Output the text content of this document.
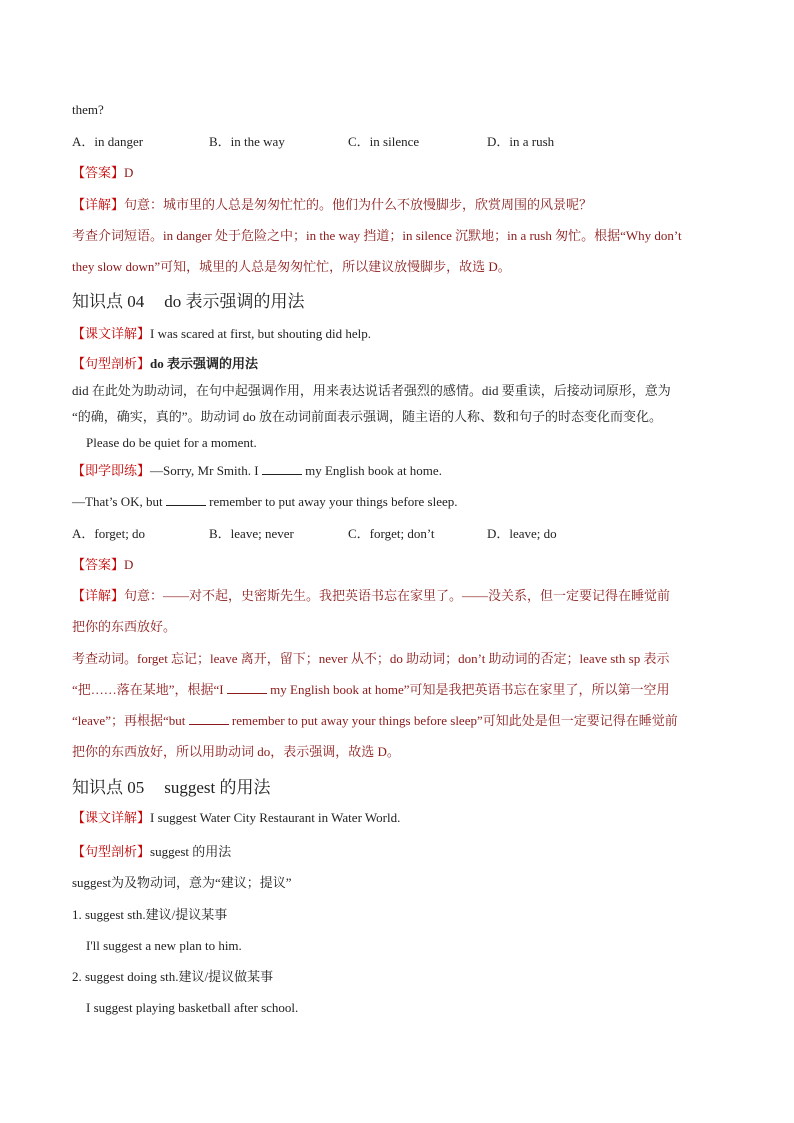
them?
A．in danger	B．in the way	C．in silence	D．in a rush
【答案】D
【详解】句意：城市里的人总是匆匆忙忙的。他们为什么不放慢脚步，欣赏周围的风景呢？
考查介词短语。in danger 处于危险之中；in the way 挡道；in silence 沉默地；in a rush 匆忙。根据“Why don’t
they slow down”可知，城里的人总是匆匆忙忙，所以建议放慢脚步，故选 D。
知识点 04 do 表示强调的用法
【课文详解】I was scared at first, but shouting did help.
【句型剖析】do 表示强调的用法
did 在此处为助动词，在句中起强调作用，用来表达说话者强烈的感情。did 要重读，后接动词原形，意为
“的确，确实，真的”。助动词 do 放在动词前面表示强调，随主语的人称、数和句子的时态变化而变化。
Please do be quiet for a moment.
【即学即练】—Sorry, Mr Smith. I	my English book at home.
—That’s OK, but	remember to put away your things before sleep.
A．forget; do	B．leave; never	C．forget; don’t	D．leave; do
【答案】D
【详解】句意：——对不起，史密斯先生。我把英语书忘在家里了。——没关系，但一定要记得在睡觉前
把你的东西放好。
考查动词。forget 忘记；leave 离开，留下；never 从不；do 助动词；don’t 助动词的否定；leave sth sp 表示
“把……落在某地”，根据“I	my English book at home”可知是我把英语书忘在家里了，所以第一空用
“leave”；再根据“but	remember to put away your things before sleep”可知此处是但一定要记得在睡觉前
把你的东西放好，所以用助动词 do，表示强调，故选 D。
知识点 05 suggest 的用法
【课文详解】I suggest Water City Restaurant in Water World.
【句型剖析】suggest 的用法
suggest为及物动词，意为“建议；提议”
1. suggest sth.建议/提议某事
I'll suggest a new plan to him.
2. suggest doing sth.建议/提议做某事
I suggest playing basketball after school.
